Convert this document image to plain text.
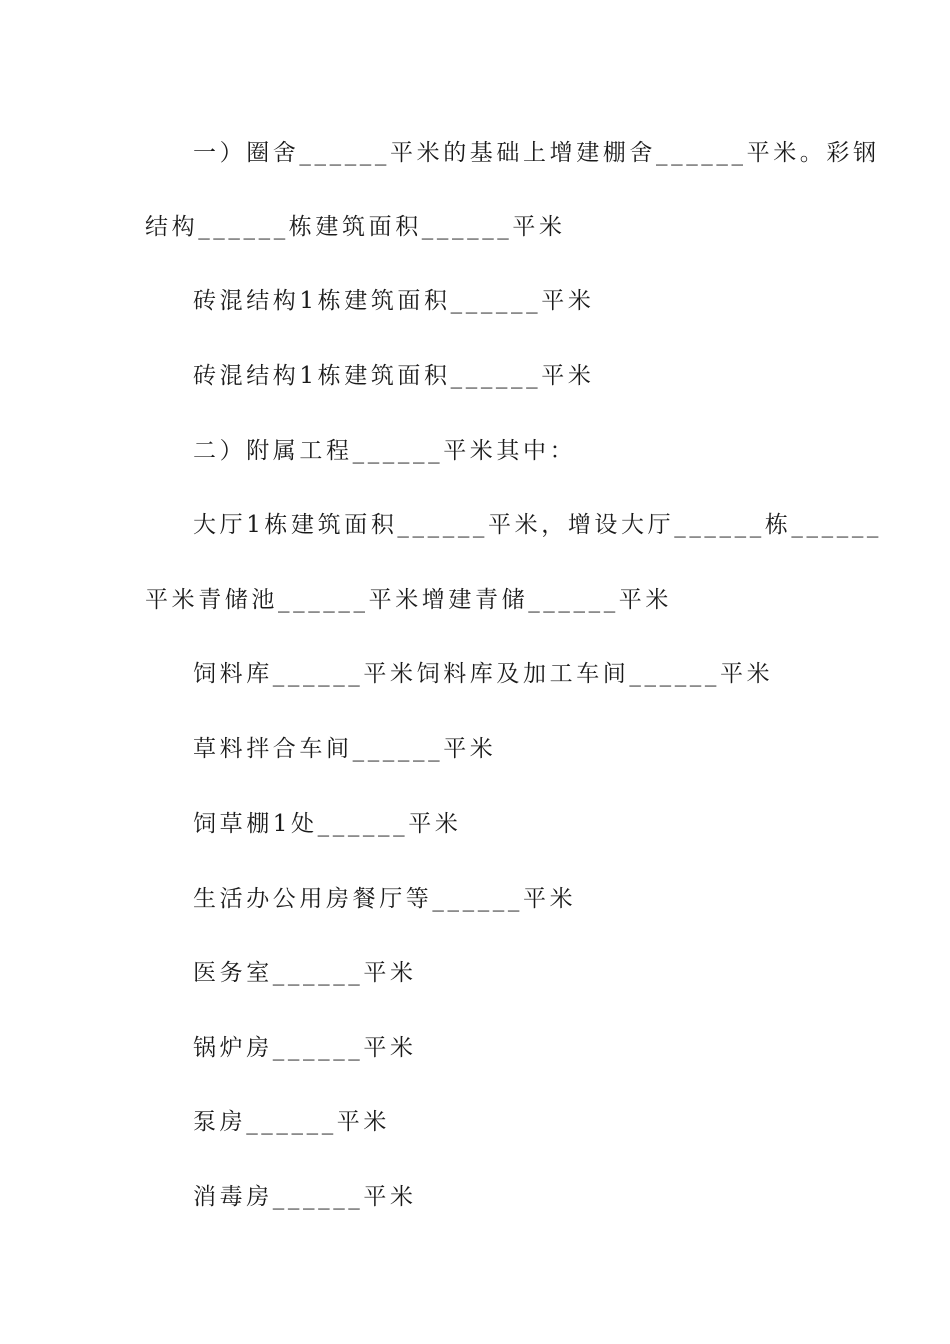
一）圈舍______平米的基础上增建棚舍______平米。彩钢
结构______栋建筑面积______平米
砖混结构1栋建筑面积______平米
砖混结构1栋建筑面积______平米
二）附属工程______平米其中：
大厅1栋建筑面积______平米，增设大厅______栋______
平米青储池______平米增建青储______平米
饲料库______平米饲料库及加工车间______平米
草料拌合车间______平米
饲草棚1处______平米
生活办公用房餐厅等______平米
医务室______平米
锅炉房______平米
泵房______平米
消毒房______平米
